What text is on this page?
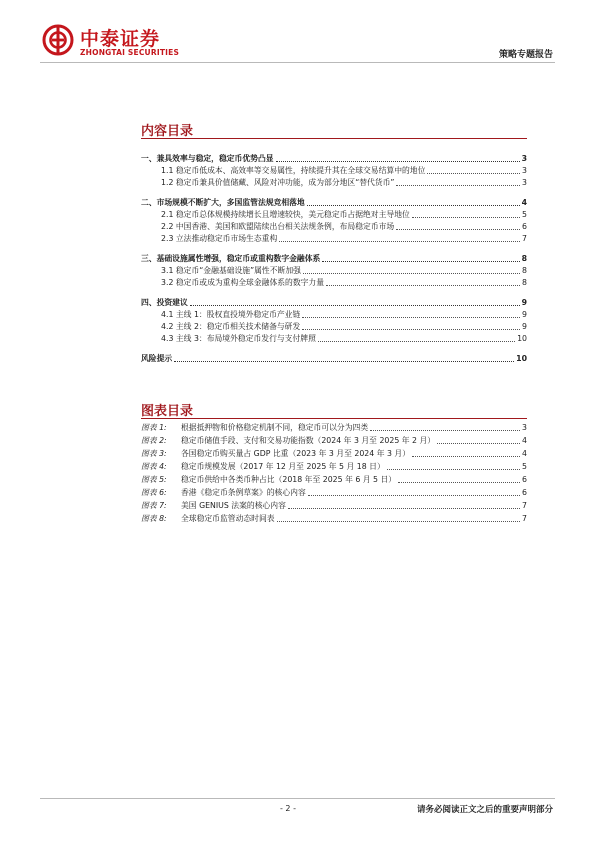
中泰证券
ZHONGTAI SECURITIES	策略专题报告
内容目录
一、兼具效率与稳定，稳定币优势凸显	3
1.1 稳定币低成本、高效率等交易属性，持续提升其在全球交易结算中的地位	3
1.2 稳定币兼具价值储藏、风险对冲功能，成为部分地区“替代货币”	3
二、市场规模不断扩大，多国监管法规竞相落地	4
2.1 稳定币总体规模持续增长且增速较快，美元稳定币占据绝对主导地位	5
2.2 中国香港、美国和欧盟陆续出台相关法规条例，布局稳定币市场	6
2.3 立法推动稳定币市场生态重构	7
三、基础设施属性增强，稳定币或重构数字金融体系	8
3.1 稳定币“金融基础设施”属性不断加强	8
3.2 稳定币或成为重构全球金融体系的数字力量	8
四、投资建议	9
4.1 主线 1：股权直投境外稳定币产业链	9
4.2 主线 2：稳定币相关技术储备与研发	9
4.3 主线 3：布局境外稳定币发行与支付牌照	10
风险提示	10
图表目录
图表 1: 根据抵押物和价格稳定机制不同，稳定币可以分为四类	3
图表 2: 稳定币储值手段、支付和交易功能指数（2024 年 3 月至 2025 年 2 月）	4
图表 3: 各国稳定币购买量占 GDP 比重（2023 年 3 月至 2024 年 3 月）	4
图表 4: 稳定币规模发展（2017 年 12 月至 2025 年 5 月 18 日）	5
图表 5: 稳定币供给中各类币种占比（2018 年至 2025 年 6 月 5 日）	6
图表 6: 香港《稳定币条例草案》的核心内容	6
图表 7: 美国 GENIUS 法案的核心内容	7
图表 8: 全球稳定币监管动态时间表	7
- 2 -	请务必阅读正文之后的重要声明部分
